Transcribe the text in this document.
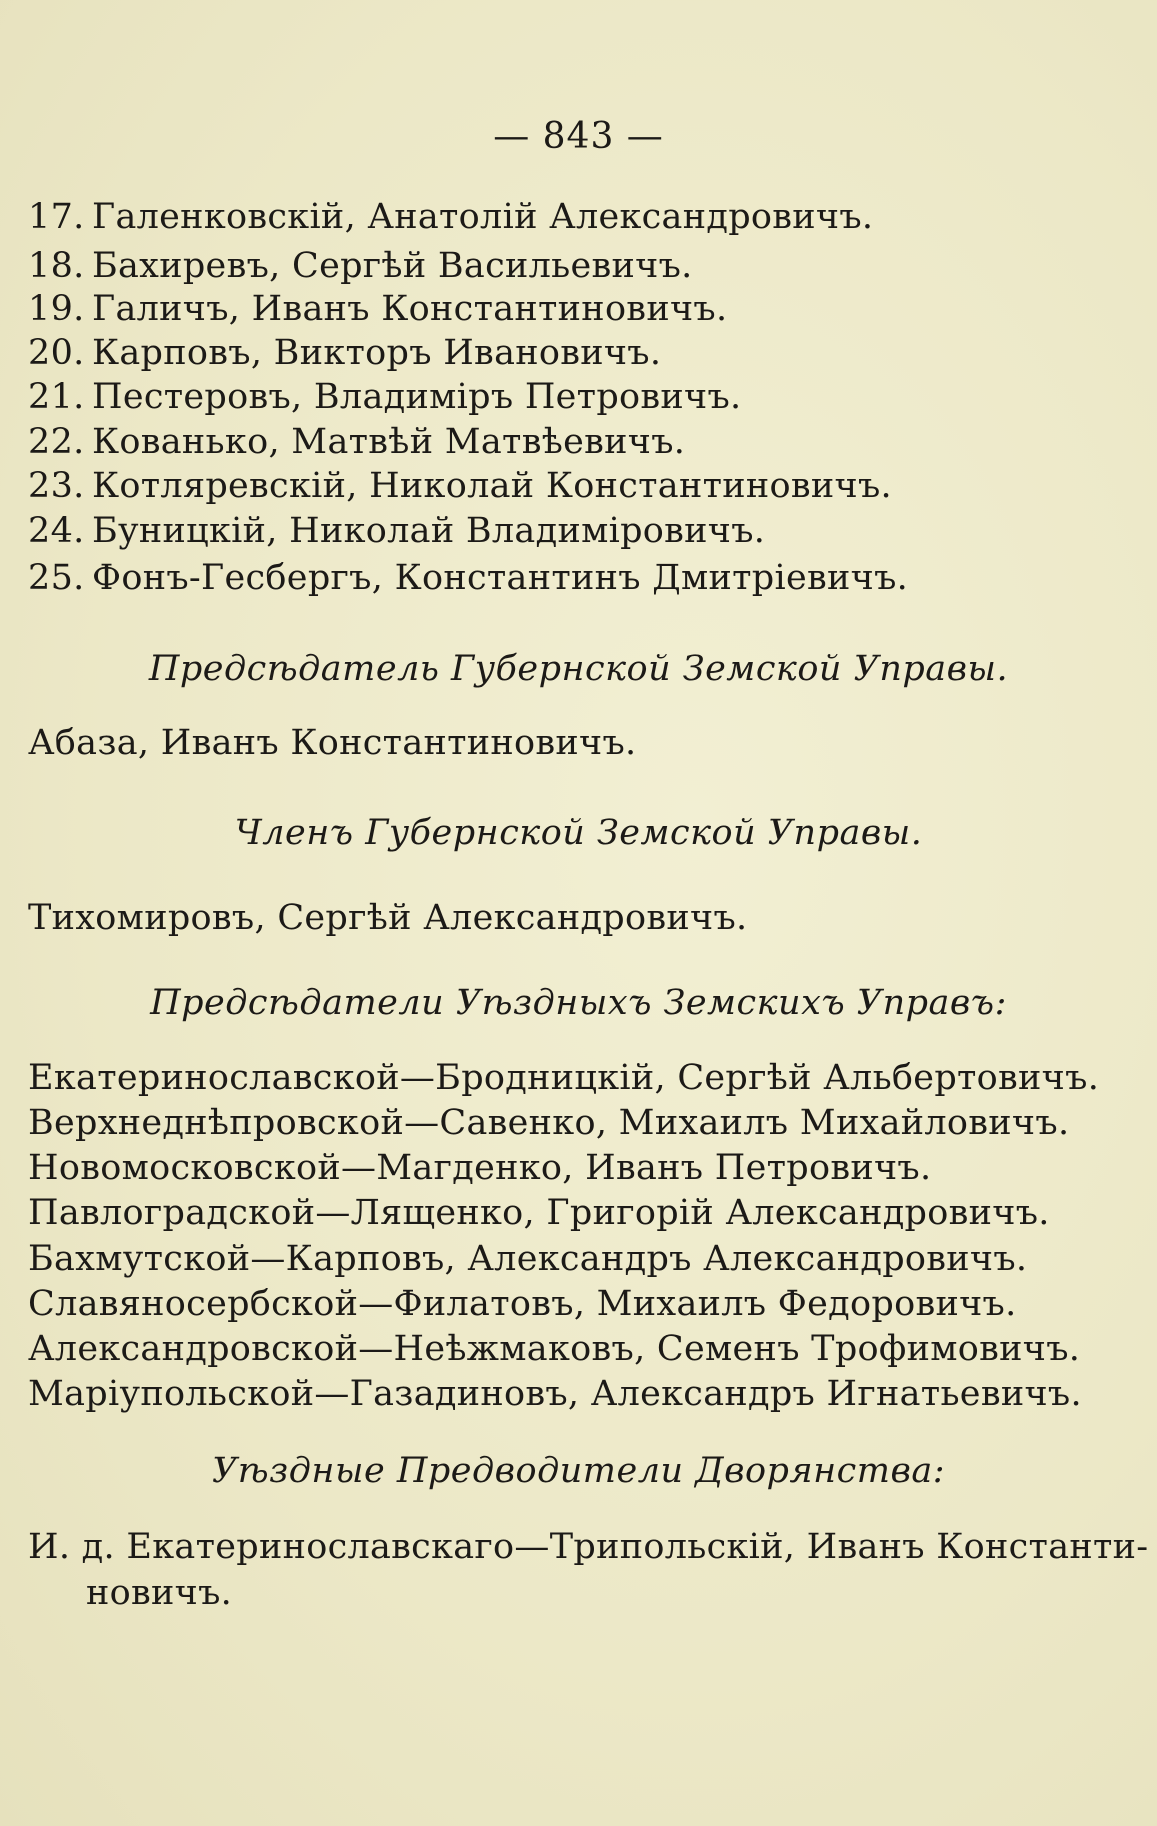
— 843 —
17. Галенковскій, Анатолій Александровичъ.
18. Бахиревъ, Сергѣй Васильевичъ.
19. Галичъ, Иванъ Константиновичъ.
20. Карповъ, Викторъ Ивановичъ.
21. Пестеровъ, Владиміръ Петровичъ.
22. Кованько, Матвѣй Матвѣевичъ.
23. Котляревскій, Николай Константиновичъ.
24. Буницкій, Николай Владиміровичъ.
25. Фонъ-Гесбергъ, Константинъ Дмитріевичъ.
Предсѣдатель Губернской Земской Управы.
Абаза, Иванъ Константиновичъ.
Членъ Губернской Земской Управы.
Тихомировъ, Сергѣй Александровичъ.
Предсѣдатели Уѣздныхъ Земскихъ Управъ:
Екатеринославской—Бродницкій, Сергѣй Альбертовичъ.
Верхнеднѣпровской—Савенко, Михаилъ Михайловичъ.
Новомосковской—Магденко, Иванъ Петровичъ.
Павлоградской—Лященко, Григорій Александровичъ.
Бахмутской—Карповъ, Александръ Александровичъ.
Славяносербской—Филатовъ, Михаилъ Федоровичъ.
Александровской—Неѣжмаковъ, Семенъ Трофимовичъ.
Маріупольской—Газадиновъ, Александръ Игнатьевичъ.
Уѣздные Предводители Дворянства:
И. д. Екатеринославскаго—Трипольскій, Иванъ Константи-
новичъ.
